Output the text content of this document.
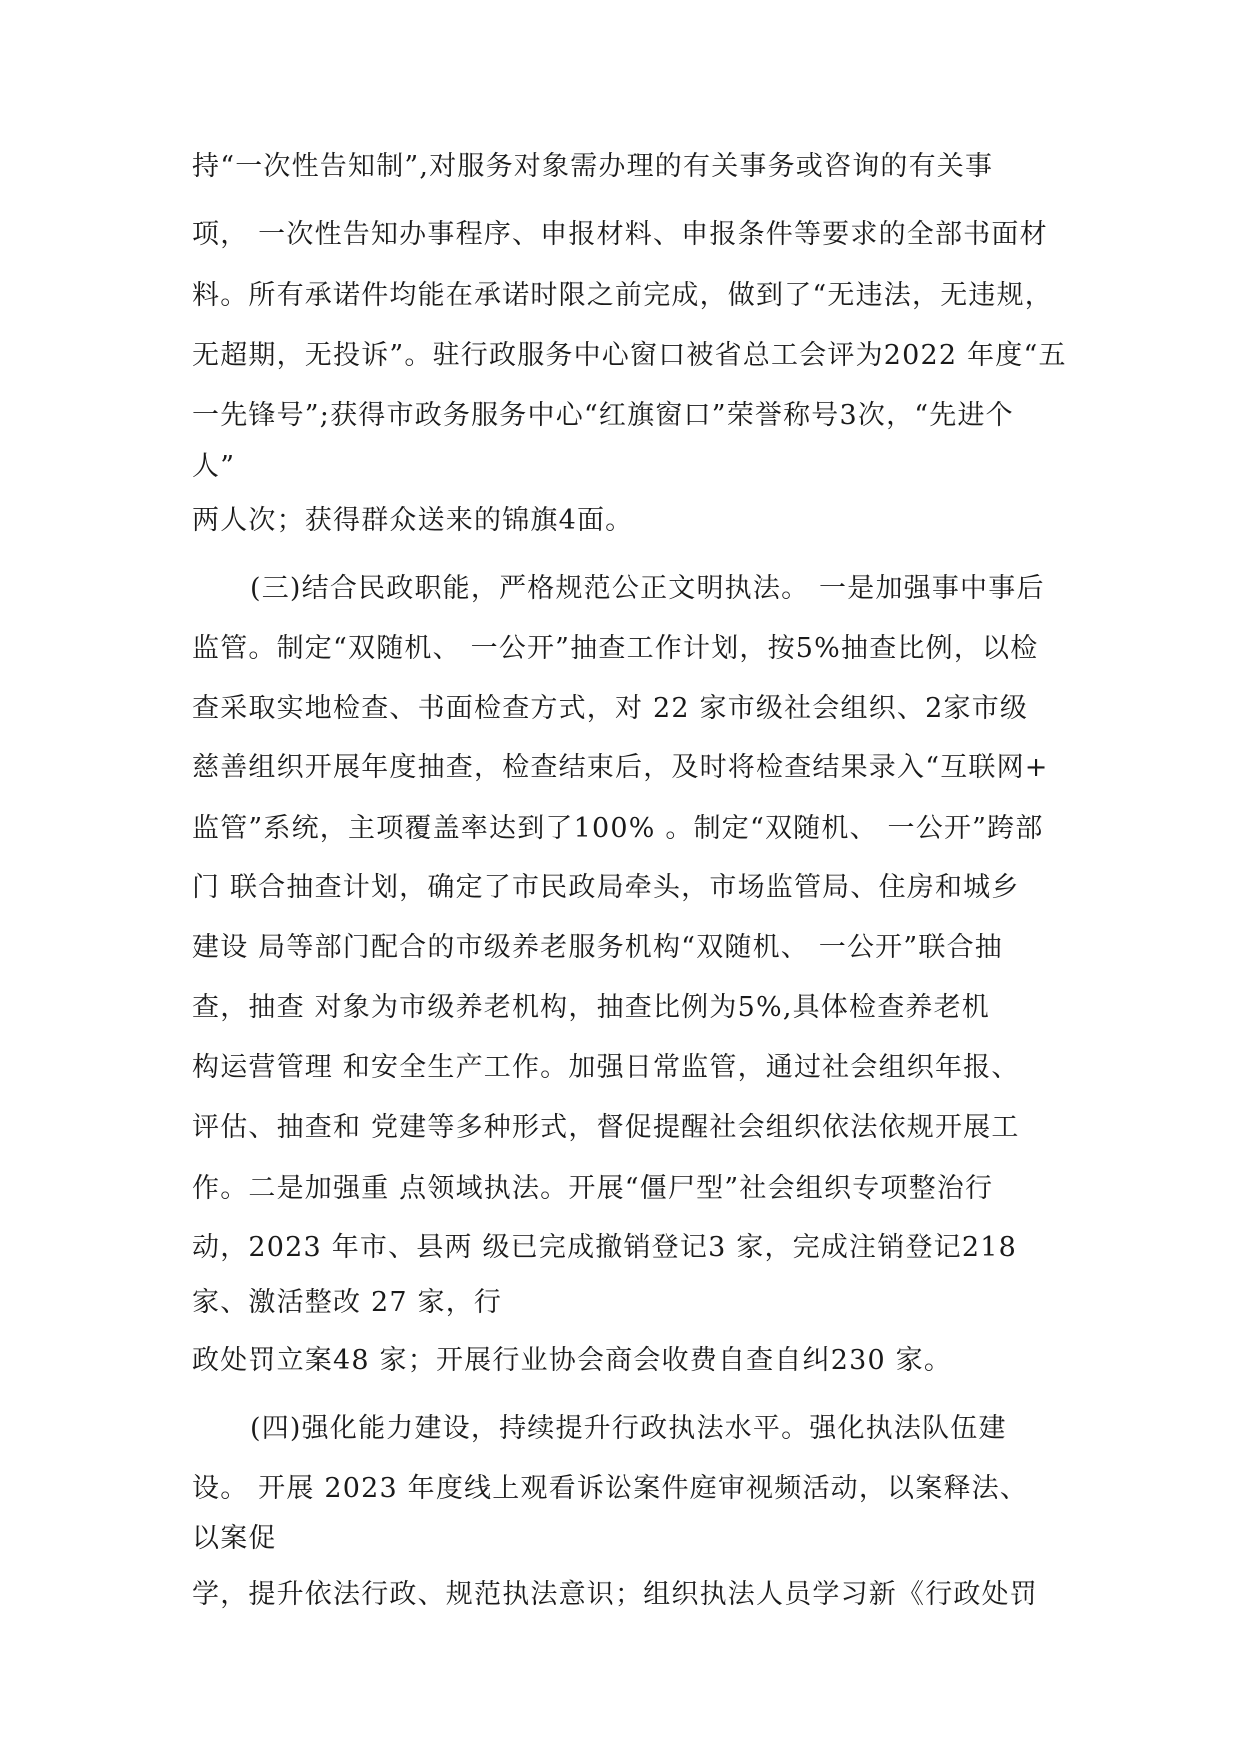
持“一次性告知制”,对服务对象需办理的有关事务或咨询的有关事
项， 一次性告知办事程序、申报材料、申报条件等要求的全部书面材
料。所有承诺件均能在承诺时限之前完成，做到了“无违法，无违规，
无超期，无投诉”。驻行政服务中心窗口被省总工会评为2022 年度“五
一先锋号”;获得市政务服务中心“红旗窗口”荣誉称号3次，“先进个
人”
两人次；获得群众送来的锦旗4面。
(三)结合民政职能，严格规范公正文明执法。 一是加强事中事后
监管。制定“双随机、 一公开”抽查工作计划，按5%抽查比例，以检
查采取实地检查、书面检查方式，对 22 家市级社会组织、2家市级
慈善组织开展年度抽查，检查结束后，及时将检查结果录入“互联网+
监管”系统，主项覆盖率达到了100% 。制定“双随机、 一公开”跨部
门 联合抽查计划，确定了市民政局牵头，市场监管局、住房和城乡
建设 局等部门配合的市级养老服务机构“双随机、 一公开”联合抽
查，抽查 对象为市级养老机构，抽查比例为5%,具体检查养老机
构运营管理 和安全生产工作。加强日常监管，通过社会组织年报、
评估、抽查和 党建等多种形式，督促提醒社会组织依法依规开展工
作。二是加强重 点领域执法。开展“僵尸型”社会组织专项整治行
动，2023 年市、县两 级已完成撤销登记3 家，完成注销登记218
家、激活整改 27 家，行
政处罚立案48 家；开展行业协会商会收费自查自纠230 家。
(四)强化能力建设，持续提升行政执法水平。强化执法队伍建
设。 开展 2023 年度线上观看诉讼案件庭审视频活动，以案释法、
以案促
学，提升依法行政、规范执法意识；组织执法人员学习新《行政处罚
